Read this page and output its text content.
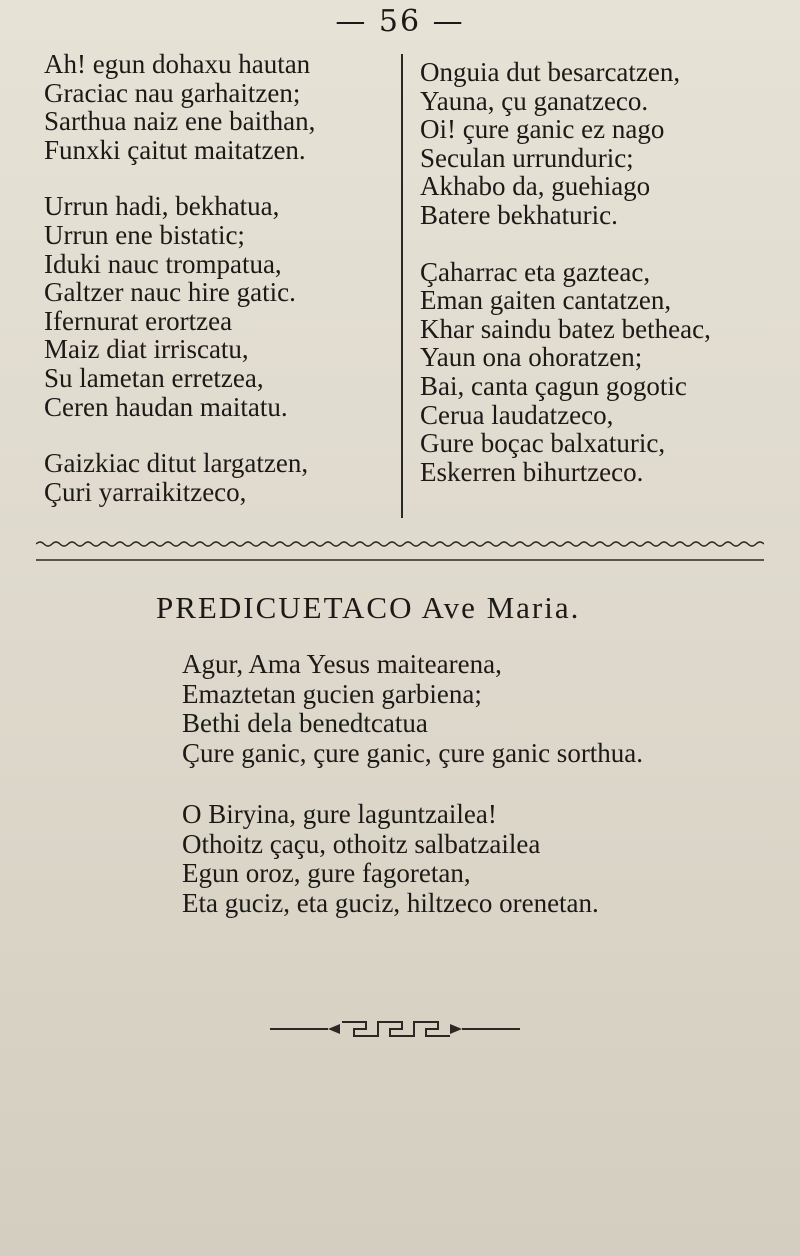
— 56 —
Ah! egun dohaxu hautan
Graciac nau garhaitzen;
Sarthua naiz ene baithan,
Funxki çaitut maitatzen.
Urrun hadi, bekhatua,
Urrun ene bistatic;
Iduki nauc trompatua,
Galtzer nauc hire gatic.
Ifernurat erortzea
Maiz diat irriscatu,
Su lametan erretzea,
Ceren haudan maitatu.
Gaizkiac ditut largatzen,
Çuri yarraikitzeco,
Onguia dut besarcatzen,
Yauna, çu ganatzeco.
Oi! çure ganic ez nago
Seculan urrunduric;
Akhabo da, guehiago
Batere bekhaturic.
Çaharrac eta gazteac,
Eman gaiten cantatzen,
Khar saindu batez betheac,
Yaun ona ohoratzen;
Bai, canta çagun gogotic
Cerua laudatzeco,
Gure boçac balxaturic,
Eskerren bihurtzeco.
PREDICUETACO Ave Maria.
Agur, Ama Yesus maitearena,
Emaztetan gucien garbiena;
Bethi dela benedtcatua
Çure ganic, çure ganic, çure ganic sorthua.
O Biryina, gure laguntzailea!
Othoitz çaçu, othoitz salbatzailea
Egun oroz, gure fagoretan,
Eta guciz, eta guciz, hiltzeco orenetan.
